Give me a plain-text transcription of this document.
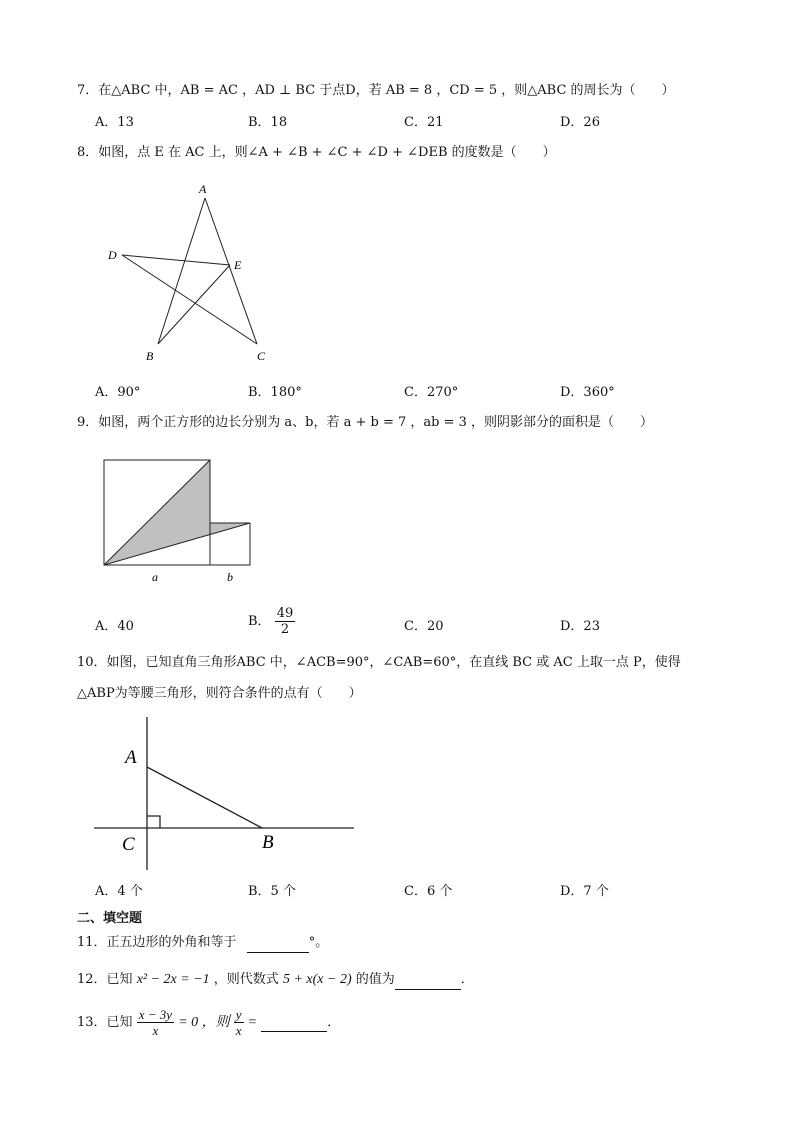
7．在△ABC 中，AB = AC ，AD ⊥ BC 于点D，若 AB = 8 ，CD = 5 ，则△ABC 的周长为（　　）
A．13	B．18	C．21	D．26
8．如图，点 E 在 AC 上，则∠A + ∠B + ∠C + ∠D + ∠DEB 的度数是（　　）
A
D
E
B	C
A．90°	B．180°	C．270°	D．360°
9．如图，两个正方形的边长分别为 a、b，若 a + b = 7 ，ab = 3 ，则阴影部分的面积是（　　）
a	b
A．40	B． $\frac{49}{2}$	C．20	D．23
10．如图，已知直角三角形ABC 中，∠ACB=90°，∠CAB=60°，在直线 BC 或 AC 上取一点 P，使得
△ABP为等腰三角形，则符合条件的点有（　　）
A
C	B
A．4 个	B．5 个	C．6 个	D．7 个
二、填空题
11．正五边形的外角和等于	°。
12．已知 x² − 2x = −1 ，则代数式 5 + x(x − 2) 的值为	．
13．已知 $\frac{x - 3y}{x} = 0$ ，则 $\frac{y}{x}$ =	．
